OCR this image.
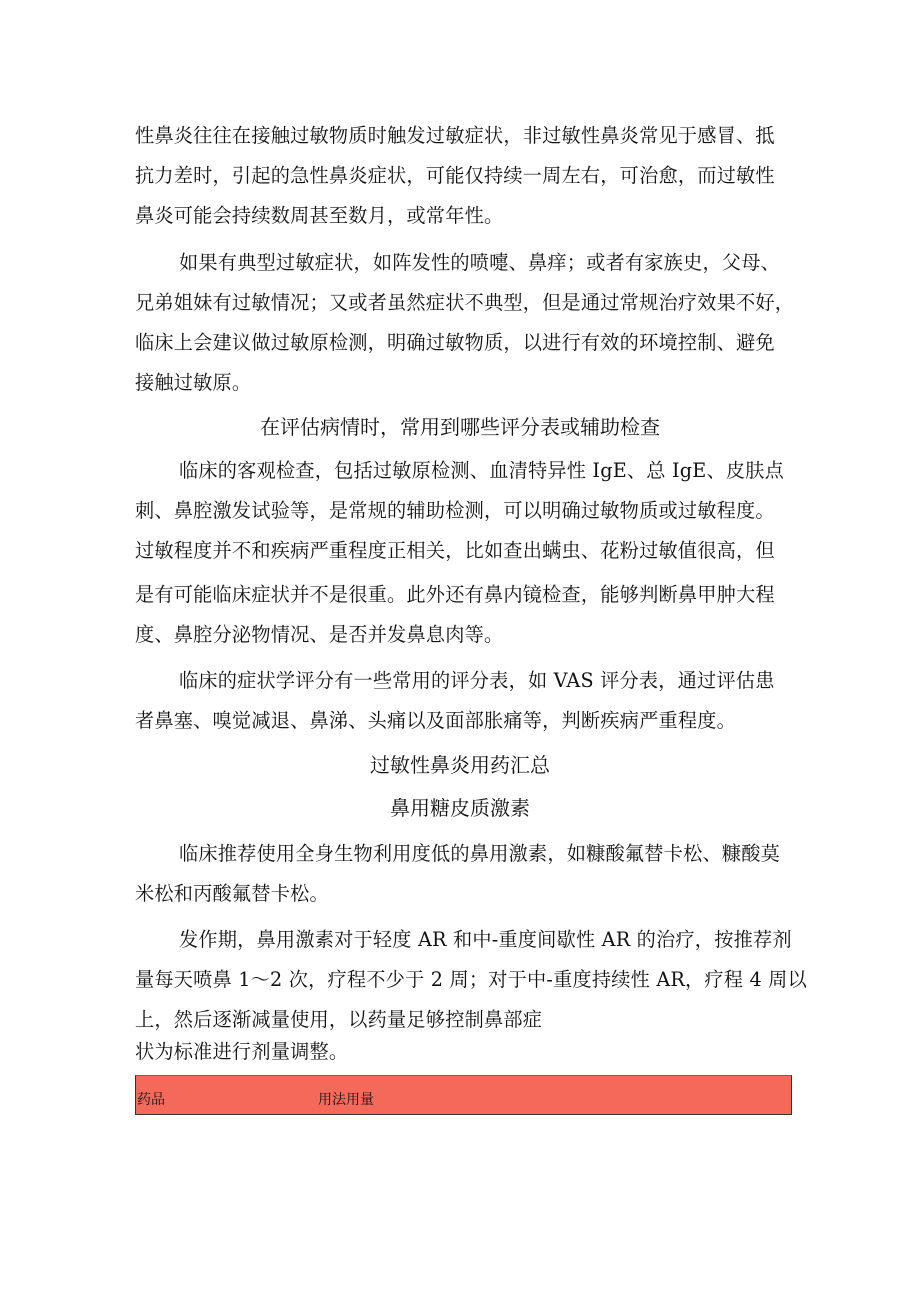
性鼻炎往往在接触过敏物质时触发过敏症状，非过敏性鼻炎常见于感冒、抵
抗力差时，引起的急性鼻炎症状，可能仅持续一周左右，可治愈，而过敏性
鼻炎可能会持续数周甚至数月，或常年性。
如果有典型过敏症状，如阵发性的喷嚏、鼻痒；或者有家族史，父母、
兄弟姐妹有过敏情况；又或者虽然症状不典型，但是通过常规治疗效果不好，
临床上会建议做过敏原检测，明确过敏物质，以进行有效的环境控制、避免
接触过敏原。
在评估病情时，常用到哪些评分表或辅助检查
临床的客观检查，包括过敏原检测、血清特异性 IgE、总 IgE、皮肤点
刺、鼻腔激发试验等，是常规的辅助检测，可以明确过敏物质或过敏程度。
过敏程度并不和疾病严重程度正相关，比如查出螨虫、花粉过敏值很高，但
是有可能临床症状并不是很重。此外还有鼻内镜检查，能够判断鼻甲肿大程
度、鼻腔分泌物情况、是否并发鼻息肉等。
临床的症状学评分有一些常用的评分表，如 VAS 评分表，通过评估患
者鼻塞、嗅觉减退、鼻涕、头痛以及面部胀痛等，判断疾病严重程度。
过敏性鼻炎用药汇总
鼻用糖皮质激素
临床推荐使用全身生物利用度低的鼻用激素，如糠酸氟替卡松、糠酸莫
米松和丙酸氟替卡松。
发作期，鼻用激素对于轻度 AR 和中-重度间歇性 AR 的治疗，按推荐剂
量每天喷鼻 1～2 次，疗程不少于 2 周；对于中-重度持续性 AR，疗程 4 周以
上，然后逐渐减量使用，以药量足够控制鼻部症
状为标准进行剂量调整。
药品	用法用量
